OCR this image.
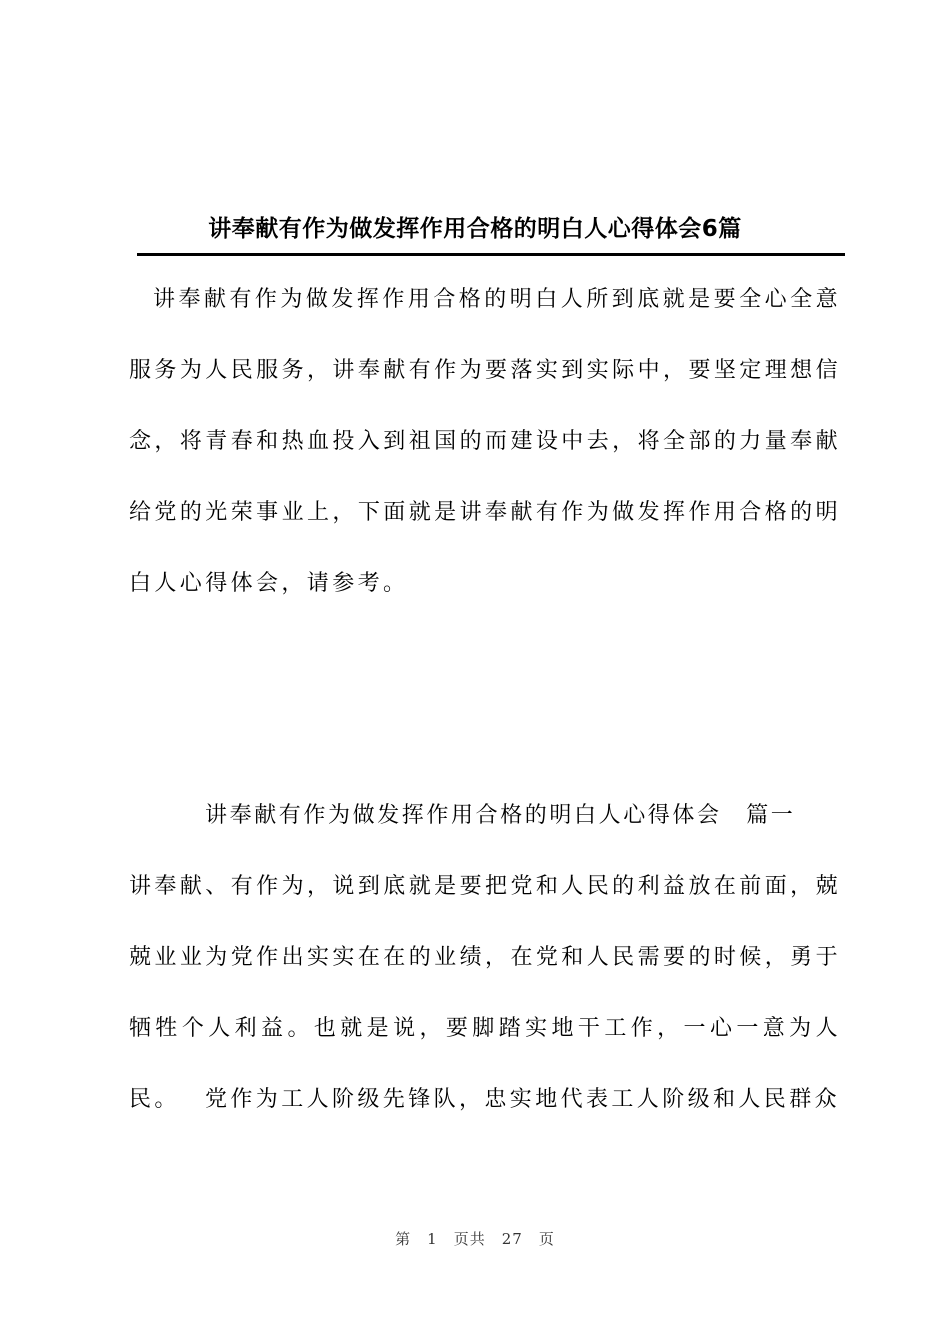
讲奉献有作为做发挥作用合格的明白人心得体会6篇

讲奉献有作为做发挥作用合格的明白人所到底就是要全心全意服务为人民服务，讲奉献有作为要落实到实际中，要坚定理想信念，将青春和热血投入到祖国的而建设中去，将全部的力量奉献给党的光荣事业上，下面就是讲奉献有作为做发挥作用合格的明白人心得体会，请参考。

讲奉献有作为做发挥作用合格的明白人心得体会　篇一

讲奉献、有作为，说到底就是要把党和人民的利益放在前面，兢兢业业为党作出实实在在的业绩，在党和人民需要的时候，勇于牺牲个人利益。也就是说，要脚踏实地干工作，一心一意为人民。	党作为工人阶级先锋队，忠实地代表工人阶级和人民群众

第 1 页共 27 页
